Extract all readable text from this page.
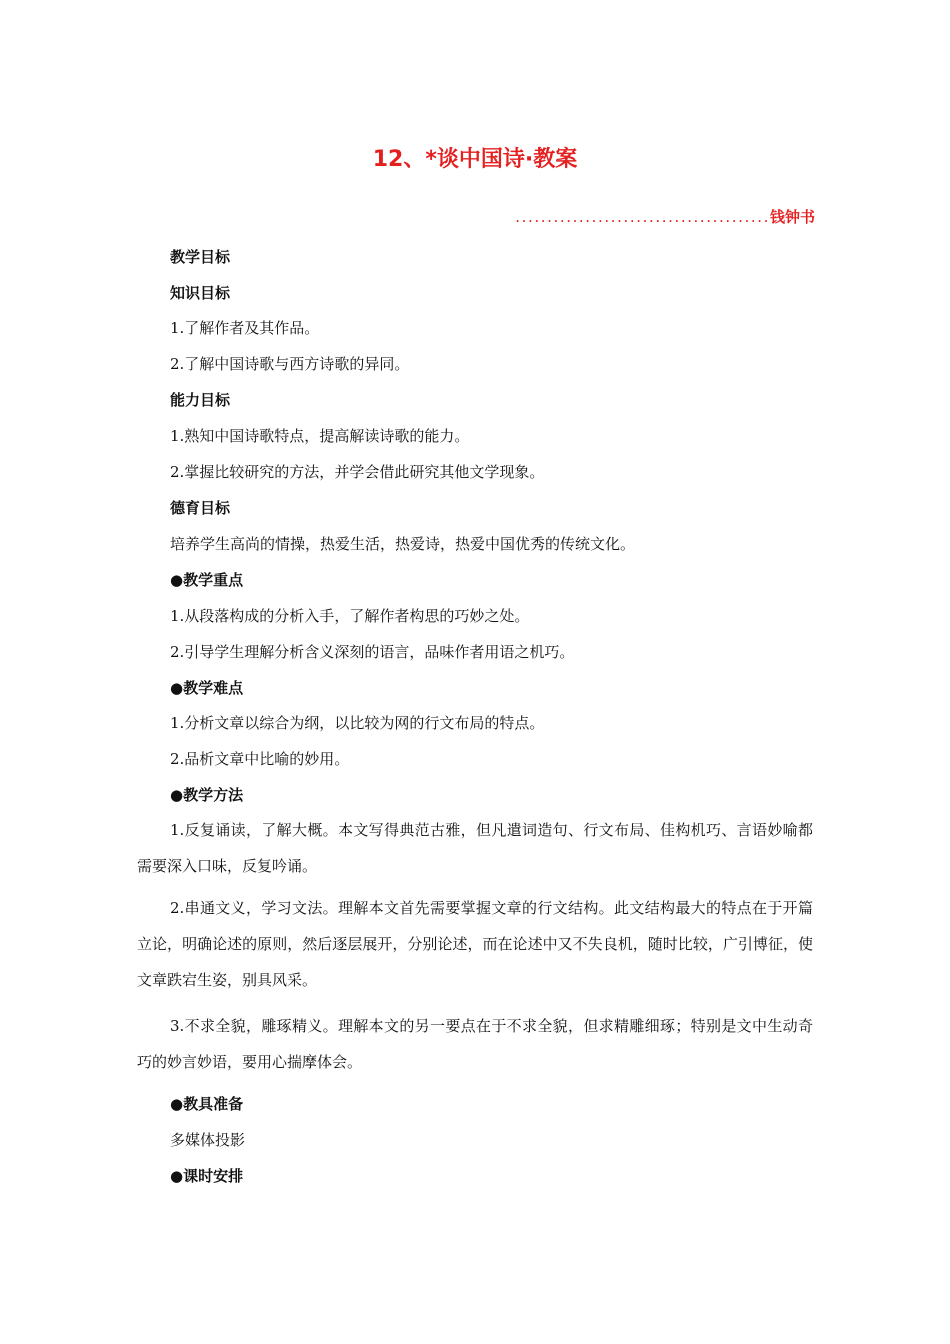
12、*谈中国诗·教案
........................................钱钟书
教学目标
知识目标
1.了解作者及其作品。
2.了解中国诗歌与西方诗歌的异同。
能力目标
1.熟知中国诗歌特点，提高解读诗歌的能力。
2.掌握比较研究的方法，并学会借此研究其他文学现象。
德育目标
培养学生高尚的情操，热爱生活，热爱诗，热爱中国优秀的传统文化。
● 教学重点
1.从段落构成的分析入手，了解作者构思的巧妙之处。
2.引导学生理解分析含义深刻的语言，品味作者用语之机巧。
● 教学难点
1.分析文章以综合为纲，以比较为网的行文布局的特点。
2.品析文章中比喻的妙用。
● 教学方法
1.反复诵读，了解大概。本文写得典范古雅，但凡遣词造句、行文布局、佳构机巧、言语妙喻都需要深入口味，反复吟诵。
2.串通文义，学习文法。理解本文首先需要掌握文章的行文结构。此文结构最大的特点在于开篇立论，明确论述的原则，然后逐层展开，分别论述，而在论述中又不失良机，随时比较，广引博征，使文章跌宕生姿，别具风采。
3.不求全貌，雕琢精义。理解本文的另一要点在于不求全貌，但求精雕细琢；特别是文中生动奇巧的妙言妙语，要用心揣摩体会。
● 教具准备
多媒体投影
● 课时安排
